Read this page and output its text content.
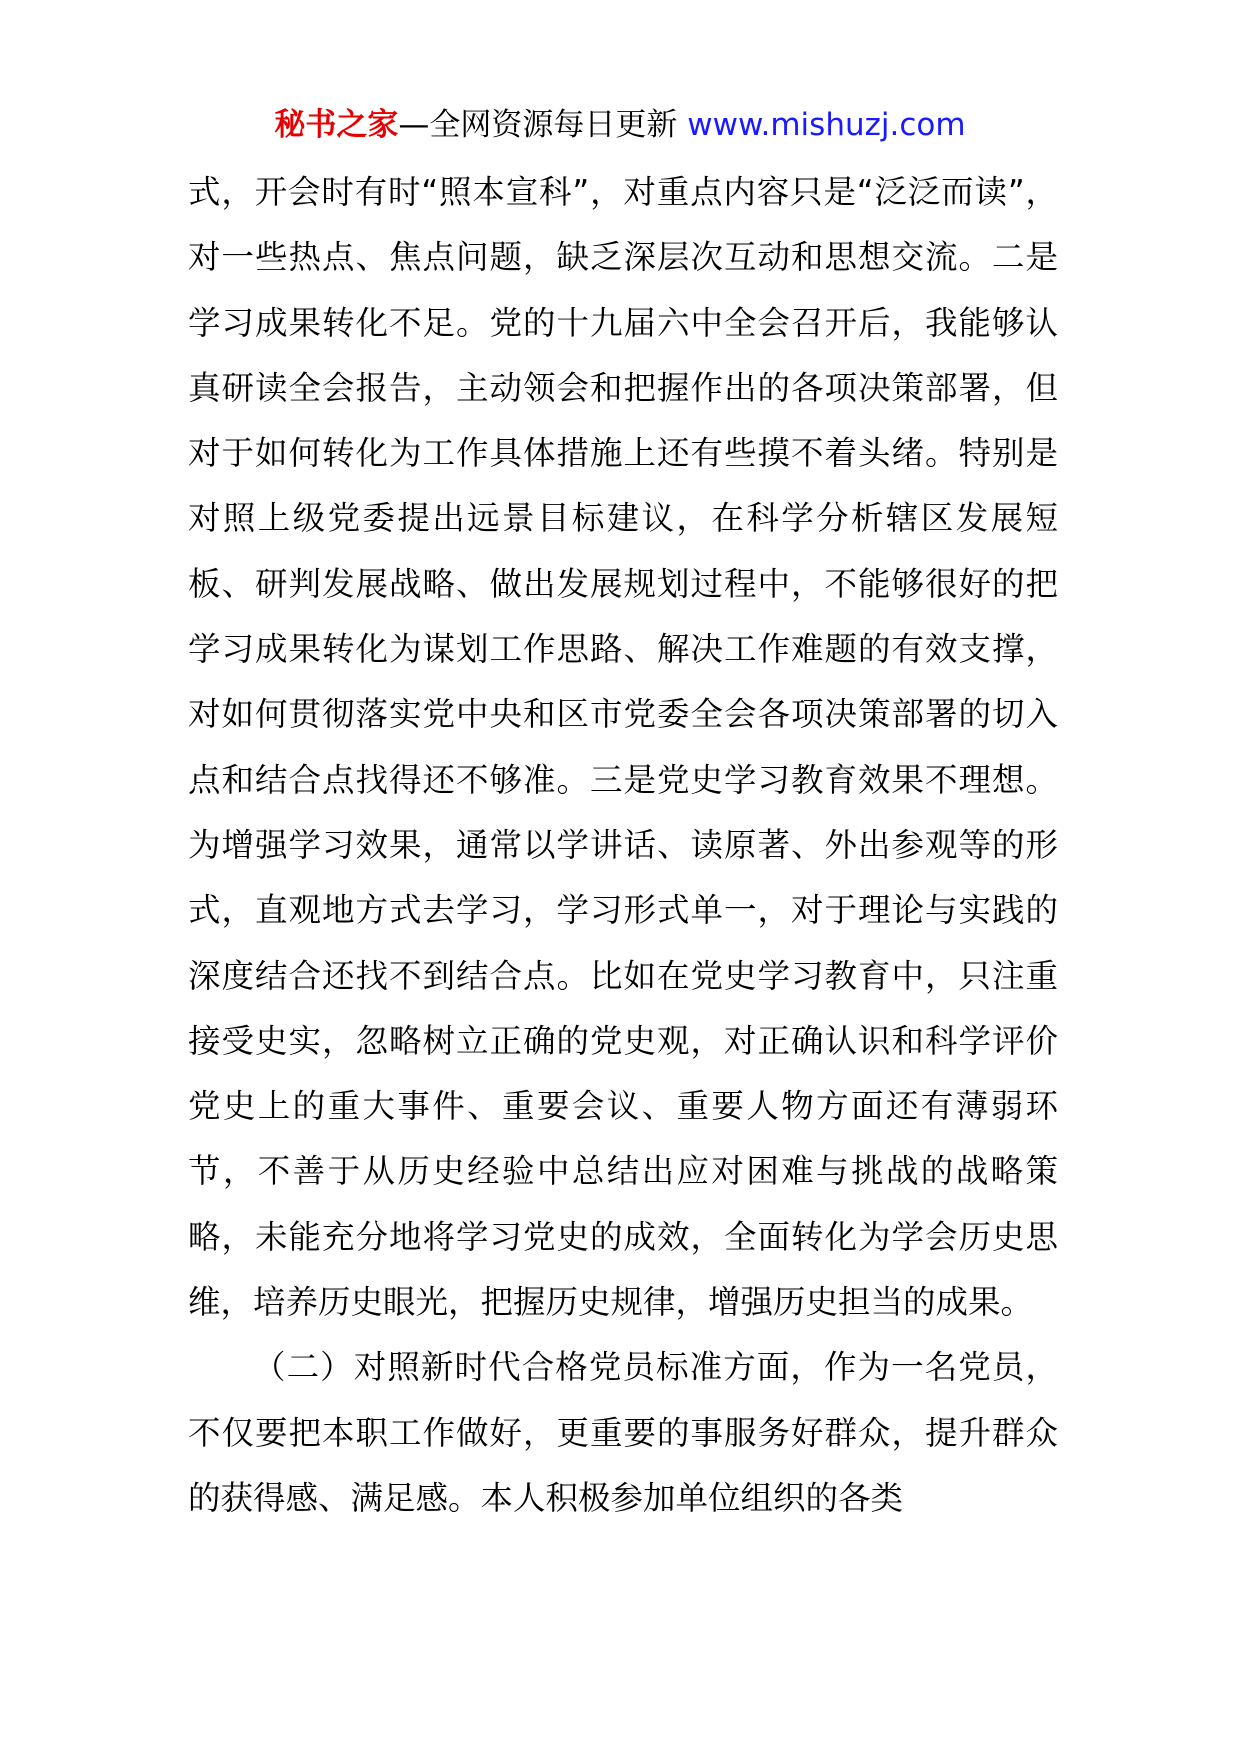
秘书之家—全网资源每日更新 www.mishuzj.com

式，开会时有时“照本宣科”，对重点内容只是“泛泛而读”，对一些热点、焦点问题，缺乏深层次互动和思想交流。二是学习成果转化不足。党的十九届六中全会召开后，我能够认真研读全会报告，主动领会和把握作出的各项决策部署，但对于如何转化为工作具体措施上还有些摸不着头绪。特别是对照上级党委提出远景目标建议，在科学分析辖区发展短板、研判发展战略、做出发展规划过程中，不能够很好的把学习成果转化为谋划工作思路、解决工作难题的有效支撑，对如何贯彻落实党中央和区市党委全会各项决策部署的切入点和结合点找得还不够准。三是党史学习教育效果不理想。为增强学习效果，通常以学讲话、读原著、外出参观等的形式，直观地方式去学习，学习形式单一，对于理论与实践的深度结合还找不到结合点。比如在党史学习教育中，只注重接受史实，忽略树立正确的党史观，对正确认识和科学评价党史上的重大事件、重要会议、重要人物方面还有薄弱环节，不善于从历史经验中总结出应对困难与挑战的战略策略，未能充分地将学习党史的成效，全面转化为学会历史思维，培养历史眼光，把握历史规律，增强历史担当的成果。

（二）对照新时代合格党员标准方面，作为一名党员，不仅要把本职工作做好，更重要的事服务好群众，提升群众的获得感、满足感。本人积极参加单位组织的各类
